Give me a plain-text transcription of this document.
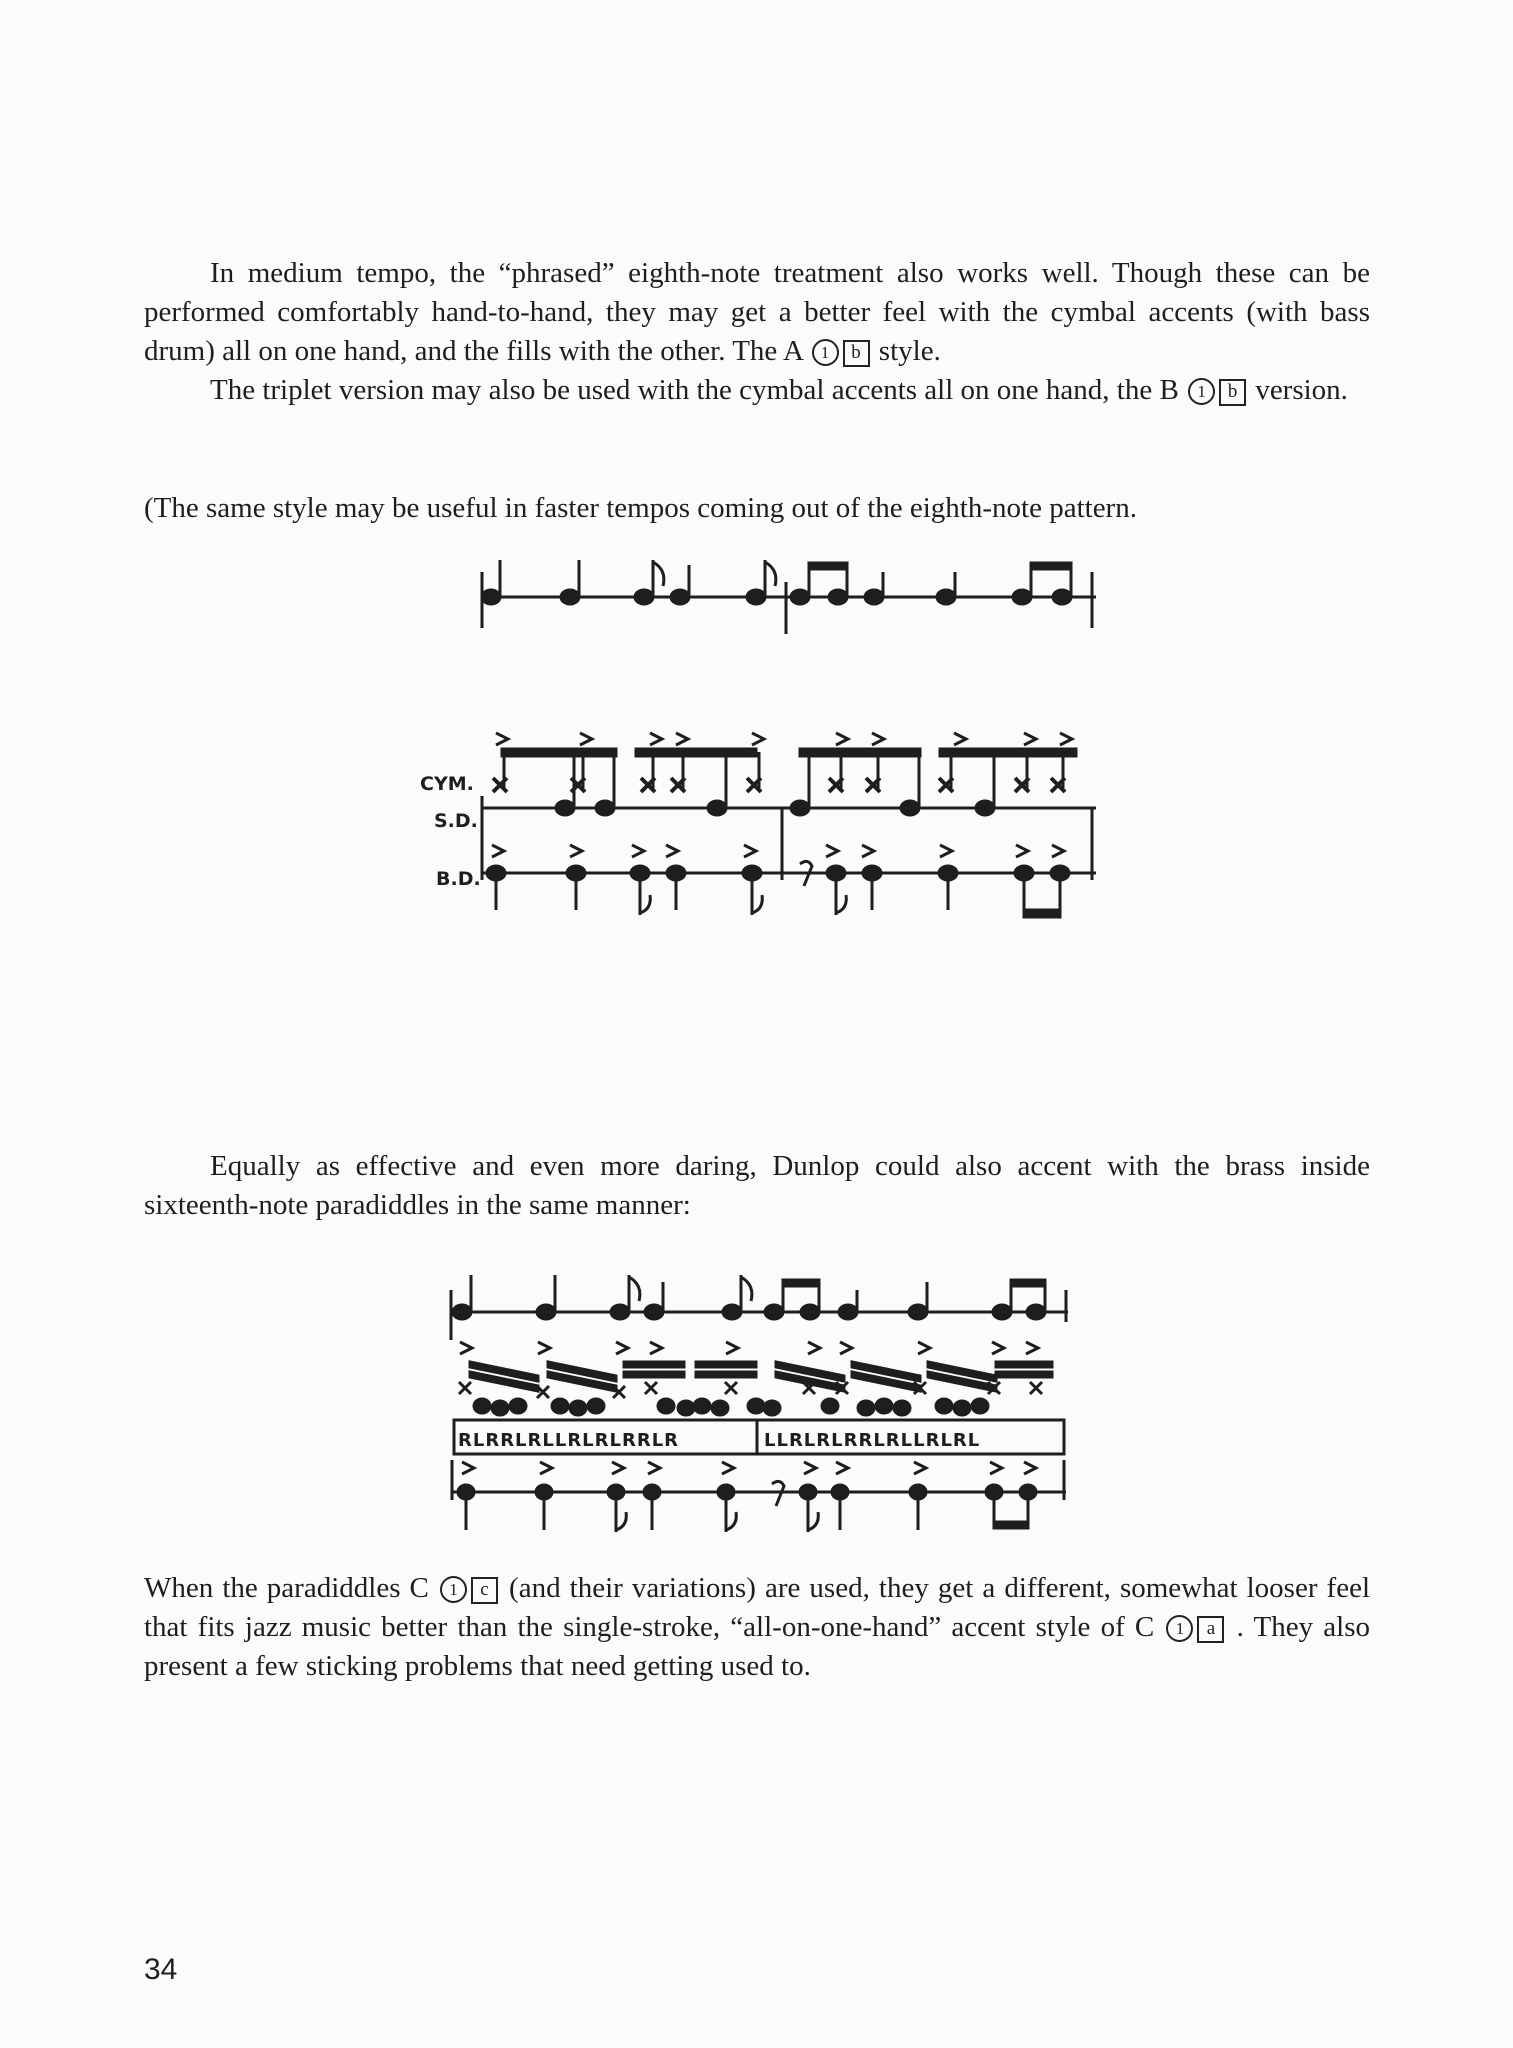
In medium tempo, the “phrased” eighth-note treatment also works well. Though these can be performed comfortably hand-to-hand, they may get a better feel with the cymbal accents (with bass drum) all on one hand, and the fills with the other. The A 1 b style.

The triplet version may also be used with the cymbal accents all on one hand, the B 1 b version.

(The same style may be useful in faster tempos coming out of the eighth-note pattern.

CYM.
S.D.
B.D.

Equally as effective and even more daring, Dunlop could also accent with the brass inside sixteenth-note paradiddles in the same manner:

RLRRLRLLRLRLRRLR	LLRLRLRRLRLLRLRL

When the paradiddles C 1 c (and their variations) are used, they get a different, somewhat looser feel that fits jazz music better than the single-stroke, “all-on-one-hand” accent style of C 1 a . They also present a few sticking problems that need getting used to.

34
